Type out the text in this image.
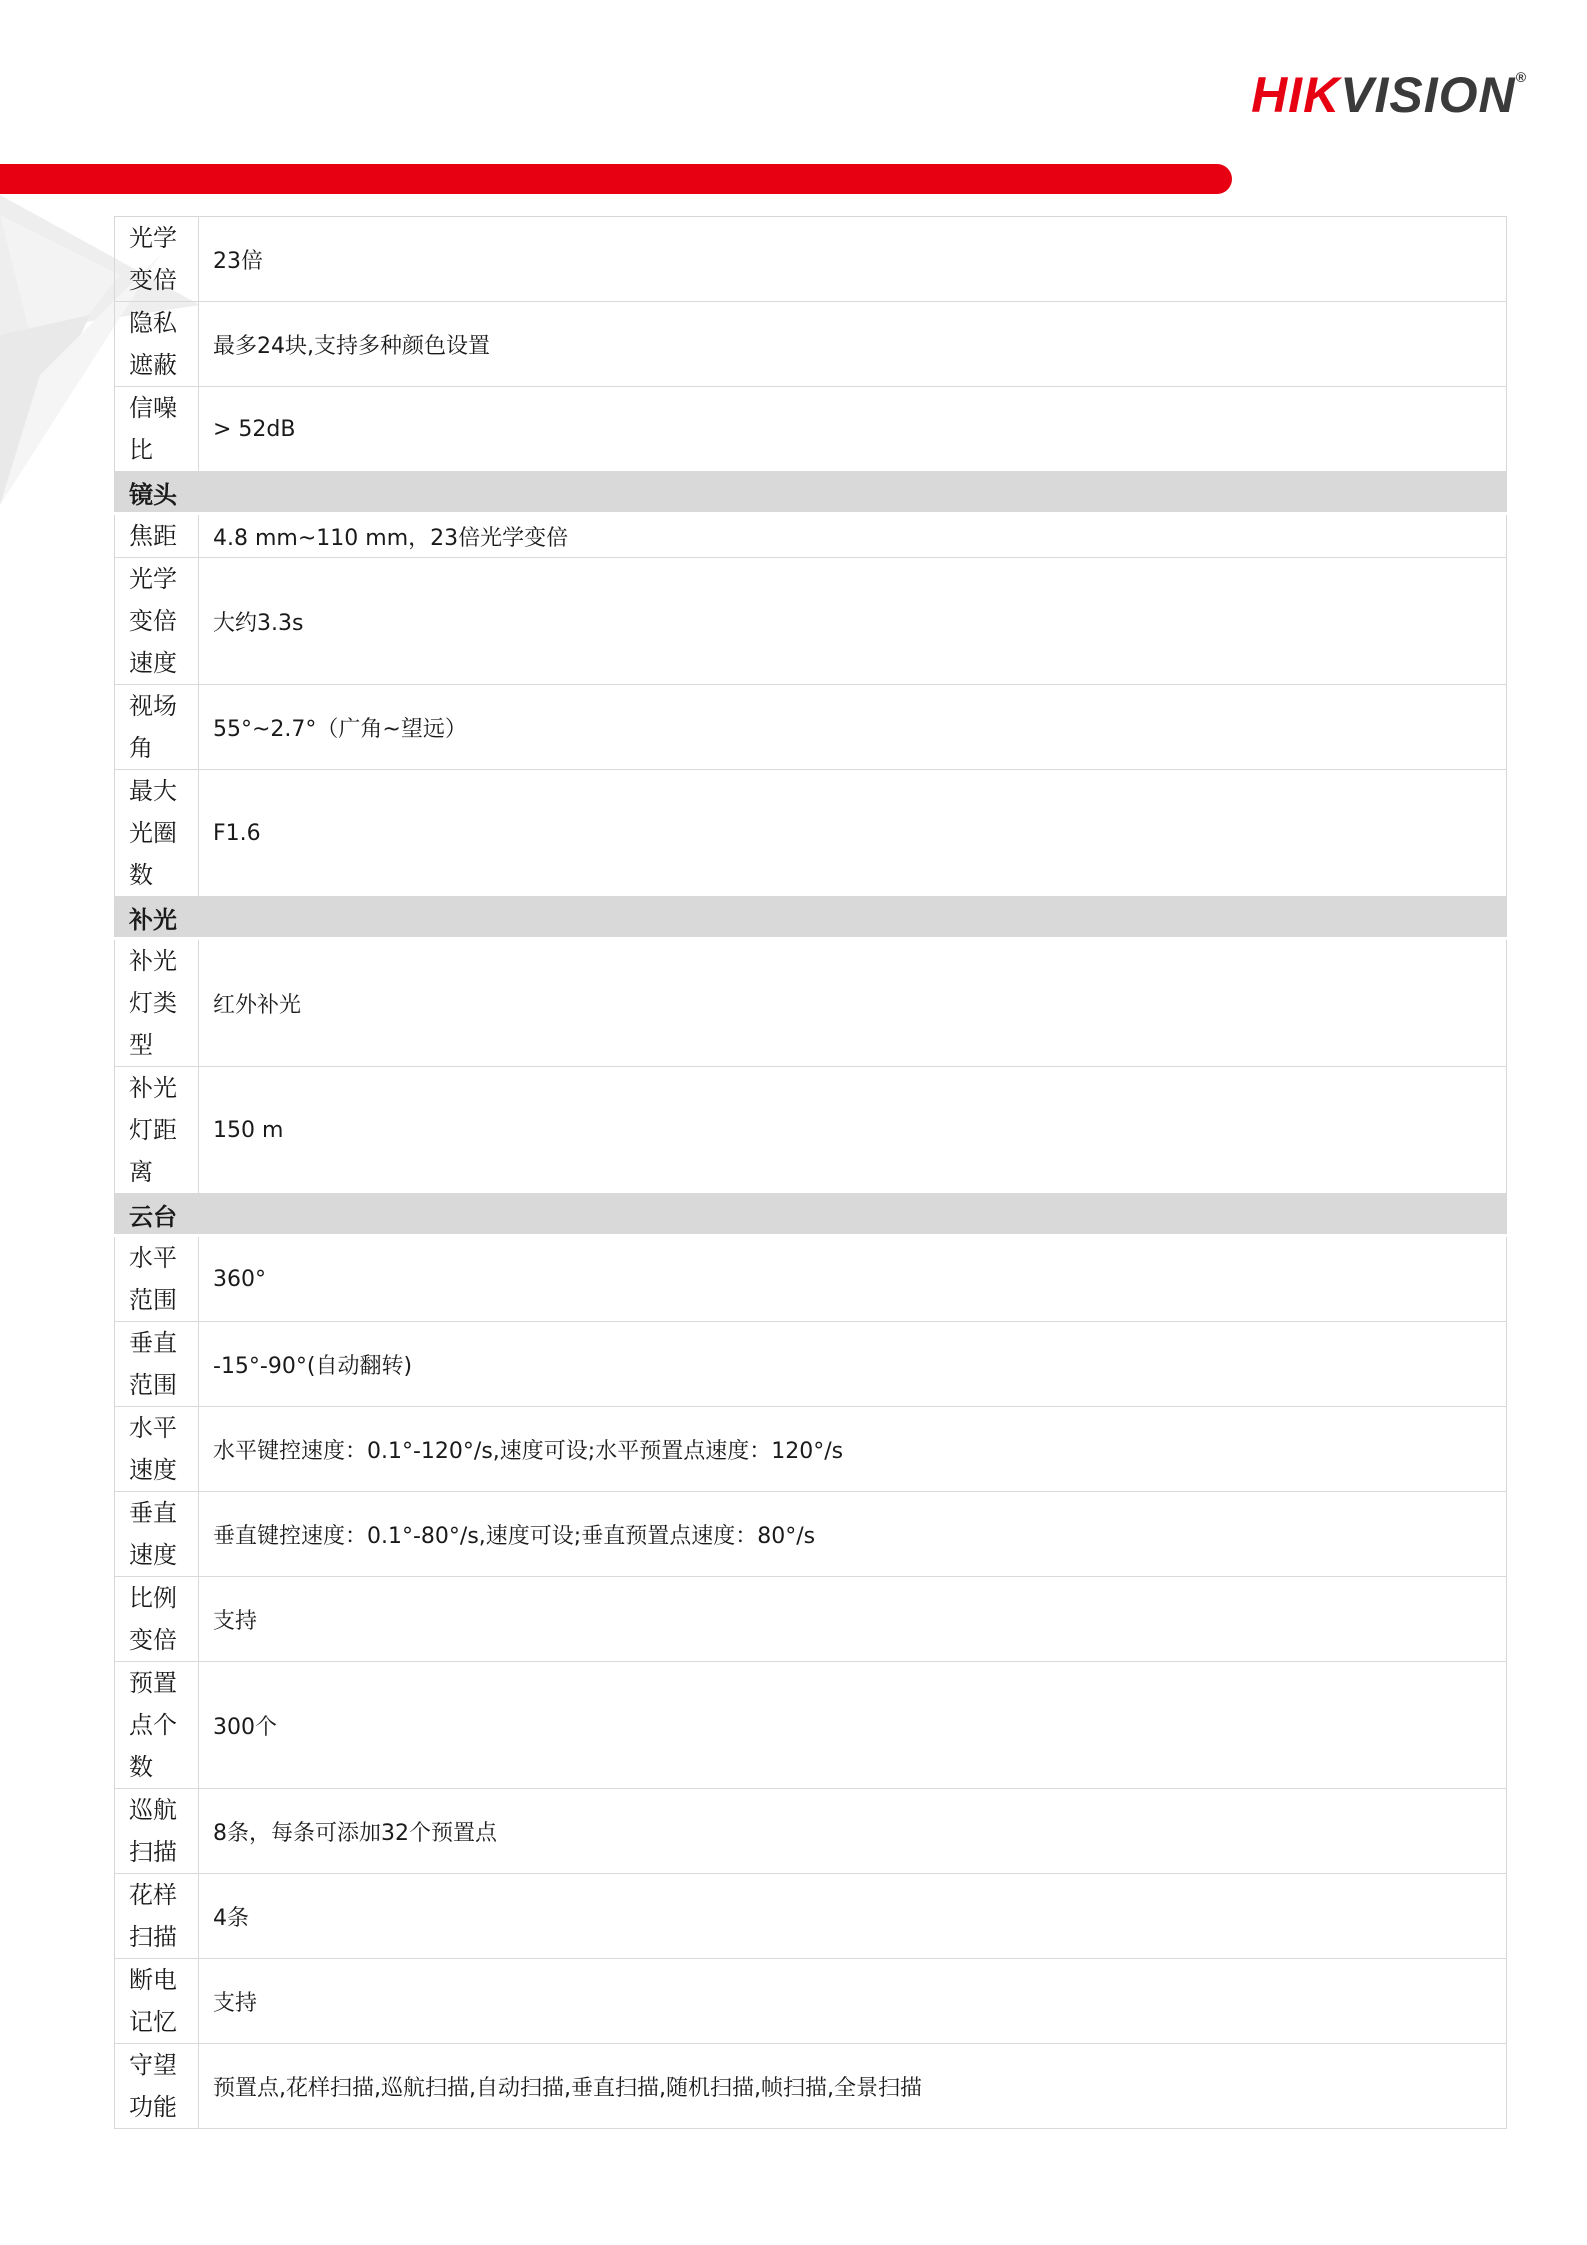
HIKVISION®
光学变倍	23倍
隐私遮蔽	最多24块,支持多种颜色设置
信噪比	> 52dB
镜头	
焦距	4.8 mm~110 mm，23倍光学变倍
光学变倍速度	大约3.3s
视场角	55°~2.7°（广角~望远）
最大光圈数	F1.6
补光	
补光灯类型	红外补光
补光灯距离	150 m
云台	
水平范围	360°
垂直范围	-15°-90°(自动翻转)
水平速度	水平键控速度：0.1°-120°/s,速度可设;水平预置点速度：120°/s
垂直速度	垂直键控速度：0.1°-80°/s,速度可设;垂直预置点速度：80°/s
比例变倍	支持
预置点个数	300个
巡航扫描	8条，每条可添加32个预置点
花样扫描	4条
断电记忆	支持
守望功能	预置点,花样扫描,巡航扫描,自动扫描,垂直扫描,随机扫描,帧扫描,全景扫描
